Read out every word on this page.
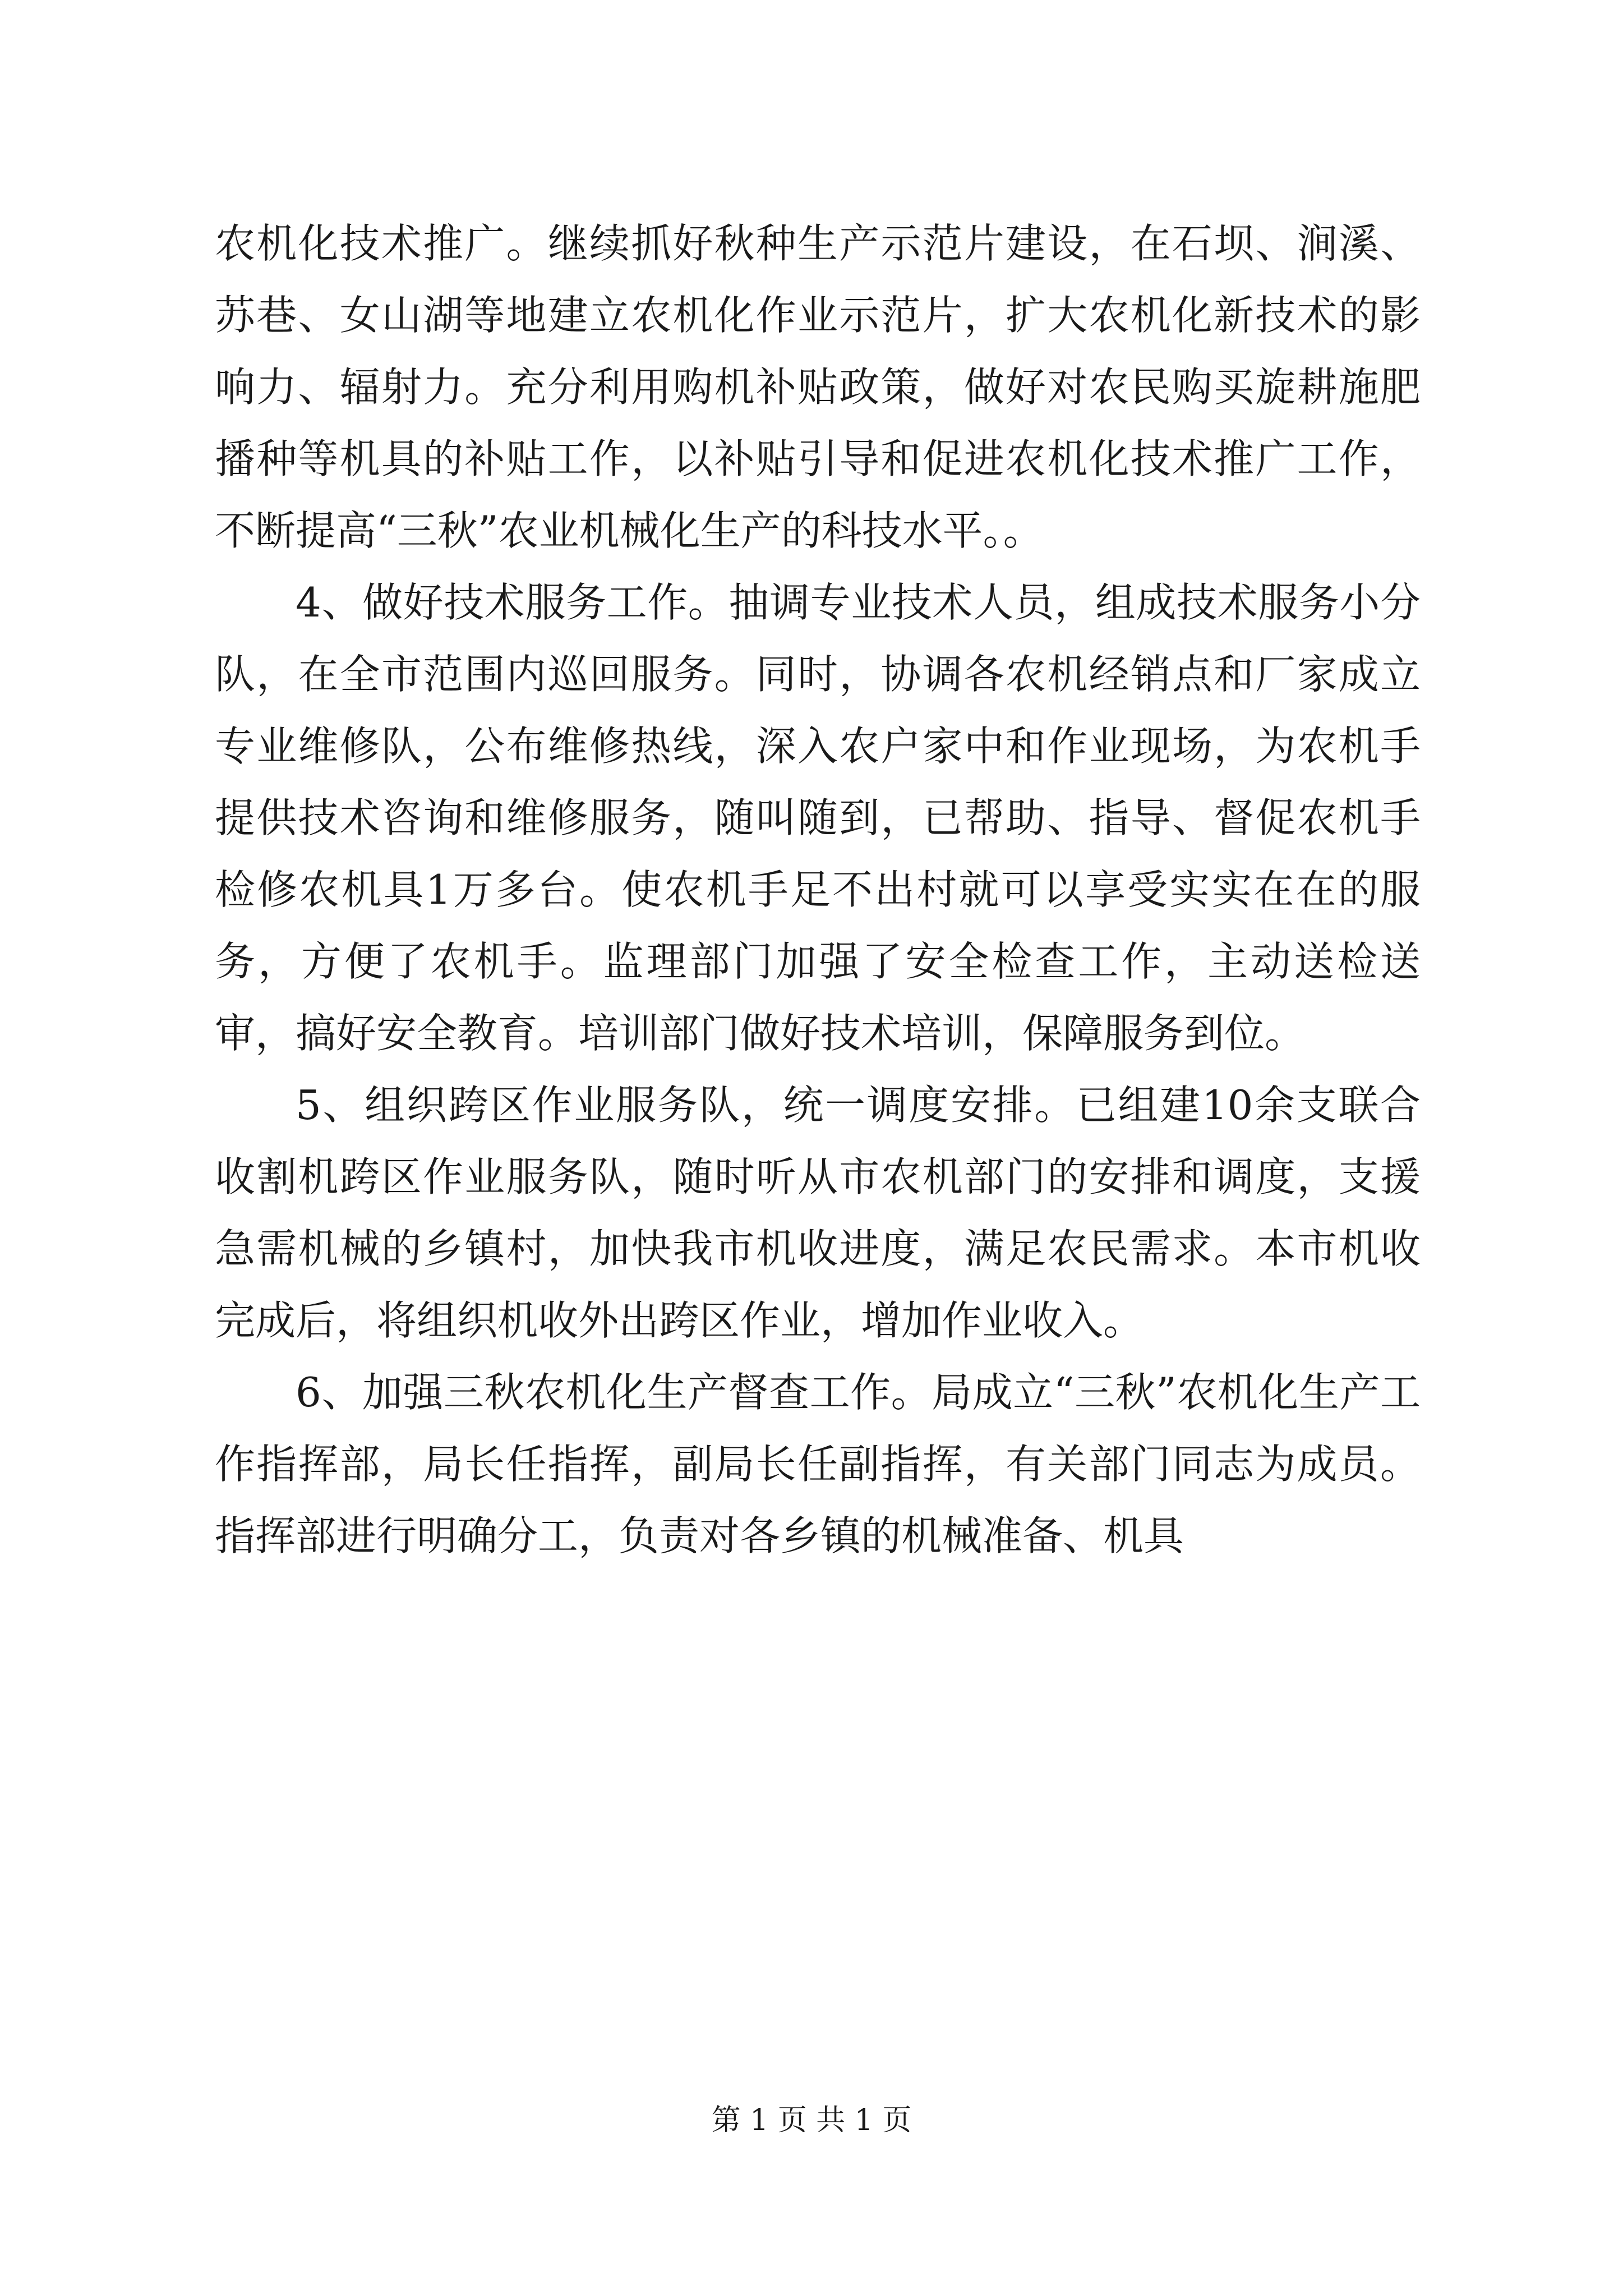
农机化技术推广。继续抓好秋种生产示范片建设，在石坝、涧溪、苏巷、女山湖等地建立农机化作业示范片，扩大农机化新技术的影响力、辐射力。充分利用购机补贴政策，做好对农民购买旋耕施肥播种等机具的补贴工作，以补贴引导和促进农机化技术推广工作，不断提高“三秋”农业机械化生产的科技水平。。

4、做好技术服务工作。抽调专业技术人员，组成技术服务小分队，在全市范围内巡回服务。同时，协调各农机经销点和厂家成立专业维修队，公布维修热线，深入农户家中和作业现场，为农机手提供技术咨询和维修服务，随叫随到，已帮助、指导、督促农机手检修农机具1万多台。使农机手足不出村就可以享受实实在在的服务，方便了农机手。监理部门加强了安全检查工作，主动送检送审，搞好安全教育。培训部门做好技术培训，保障服务到位。

5、组织跨区作业服务队，统一调度安排。已组建10余支联合收割机跨区作业服务队，随时听从市农机部门的安排和调度，支援急需机械的乡镇村，加快我市机收进度，满足农民需求。本市机收完成后，将组织机收外出跨区作业，增加作业收入。

6、加强三秋农机化生产督查工作。局成立“三秋”农机化生产工作指挥部，局长任指挥，副局长任副指挥，有关部门同志为成员。指挥部进行明确分工，负责对各乡镇的机械准备、机具

第 1 页 共 1 页
